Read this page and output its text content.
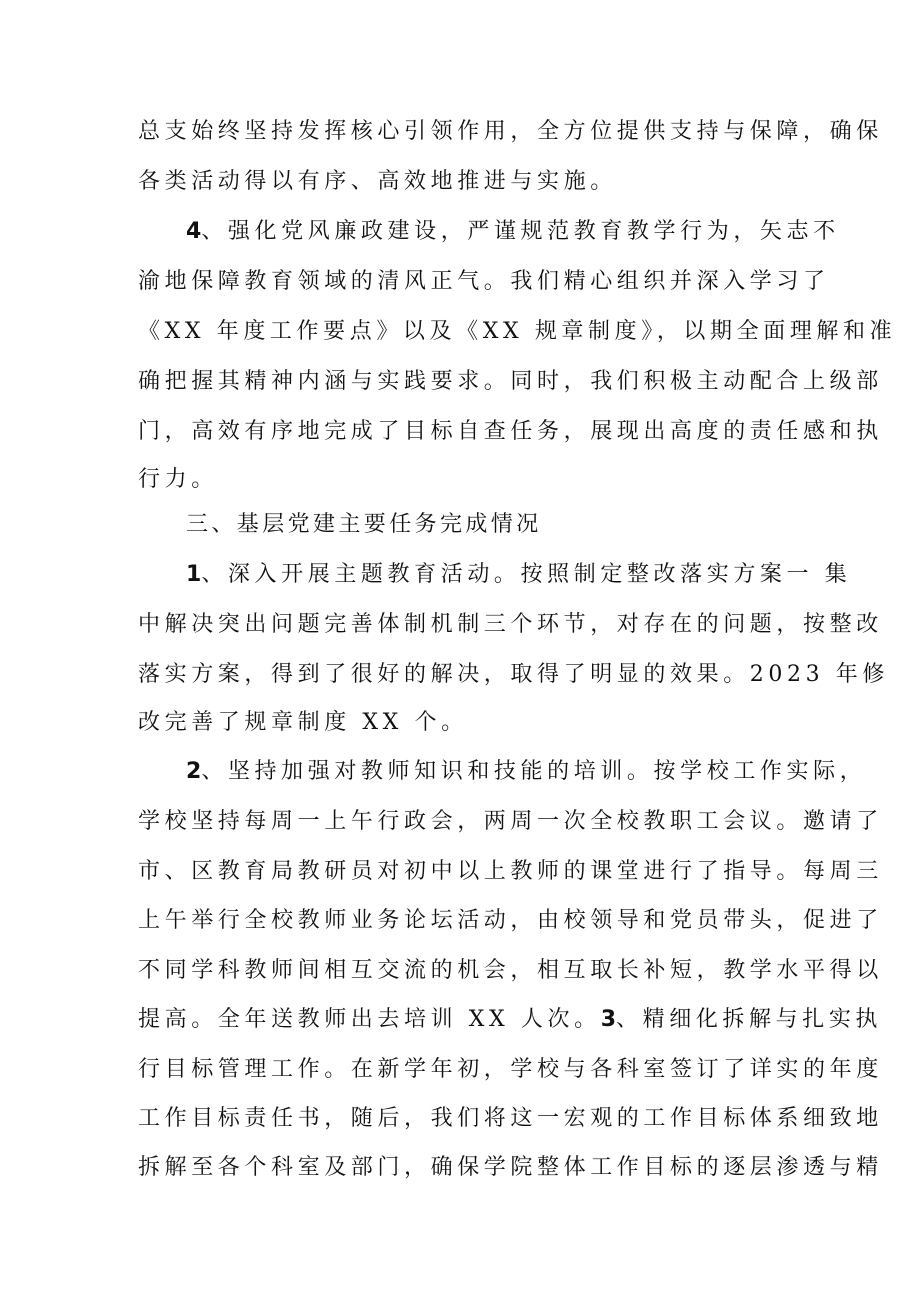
总支始终坚持发挥核心引领作用，全方位提供支持与保障，确保
各类活动得以有序、高效地推进与实施。
4、强化党风廉政建设，严谨规范教育教学行为，矢志不
渝地保障教育领域的清风正气。我们精心组织并深入学习了
《XX 年度工作要点》以及《XX 规章制度》，以期全面理解和准
确把握其精神内涵与实践要求。同时，我们积极主动配合上级部
门，高效有序地完成了目标自查任务，展现出高度的责任感和执
行力。
三、基层党建主要任务完成情况
1、深入开展主题教育活动。按照制定整改落实方案一 集
中解决突出问题完善体制机制三个环节，对存在的问题，按整改
落实方案，得到了很好的解决，取得了明显的效果。2023 年修
改完善了规章制度 XX 个。
2、坚持加强对教师知识和技能的培训。按学校工作实际，
学校坚持每周一上午行政会，两周一次全校教职工会议。邀请了
市、区教育局教研员对初中以上教师的课堂进行了指导。每周三
上午举行全校教师业务论坛活动，由校领导和党员带头，促进了
不同学科教师间相互交流的机会，相互取长补短，教学水平得以
提高。全年送教师出去培训 XX 人次。3、精细化拆解与扎实执
行目标管理工作。在新学年初，学校与各科室签订了详实的年度
工作目标责任书，随后，我们将这一宏观的工作目标体系细致地
拆解至各个科室及部门，确保学院整体工作目标的逐层渗透与精
